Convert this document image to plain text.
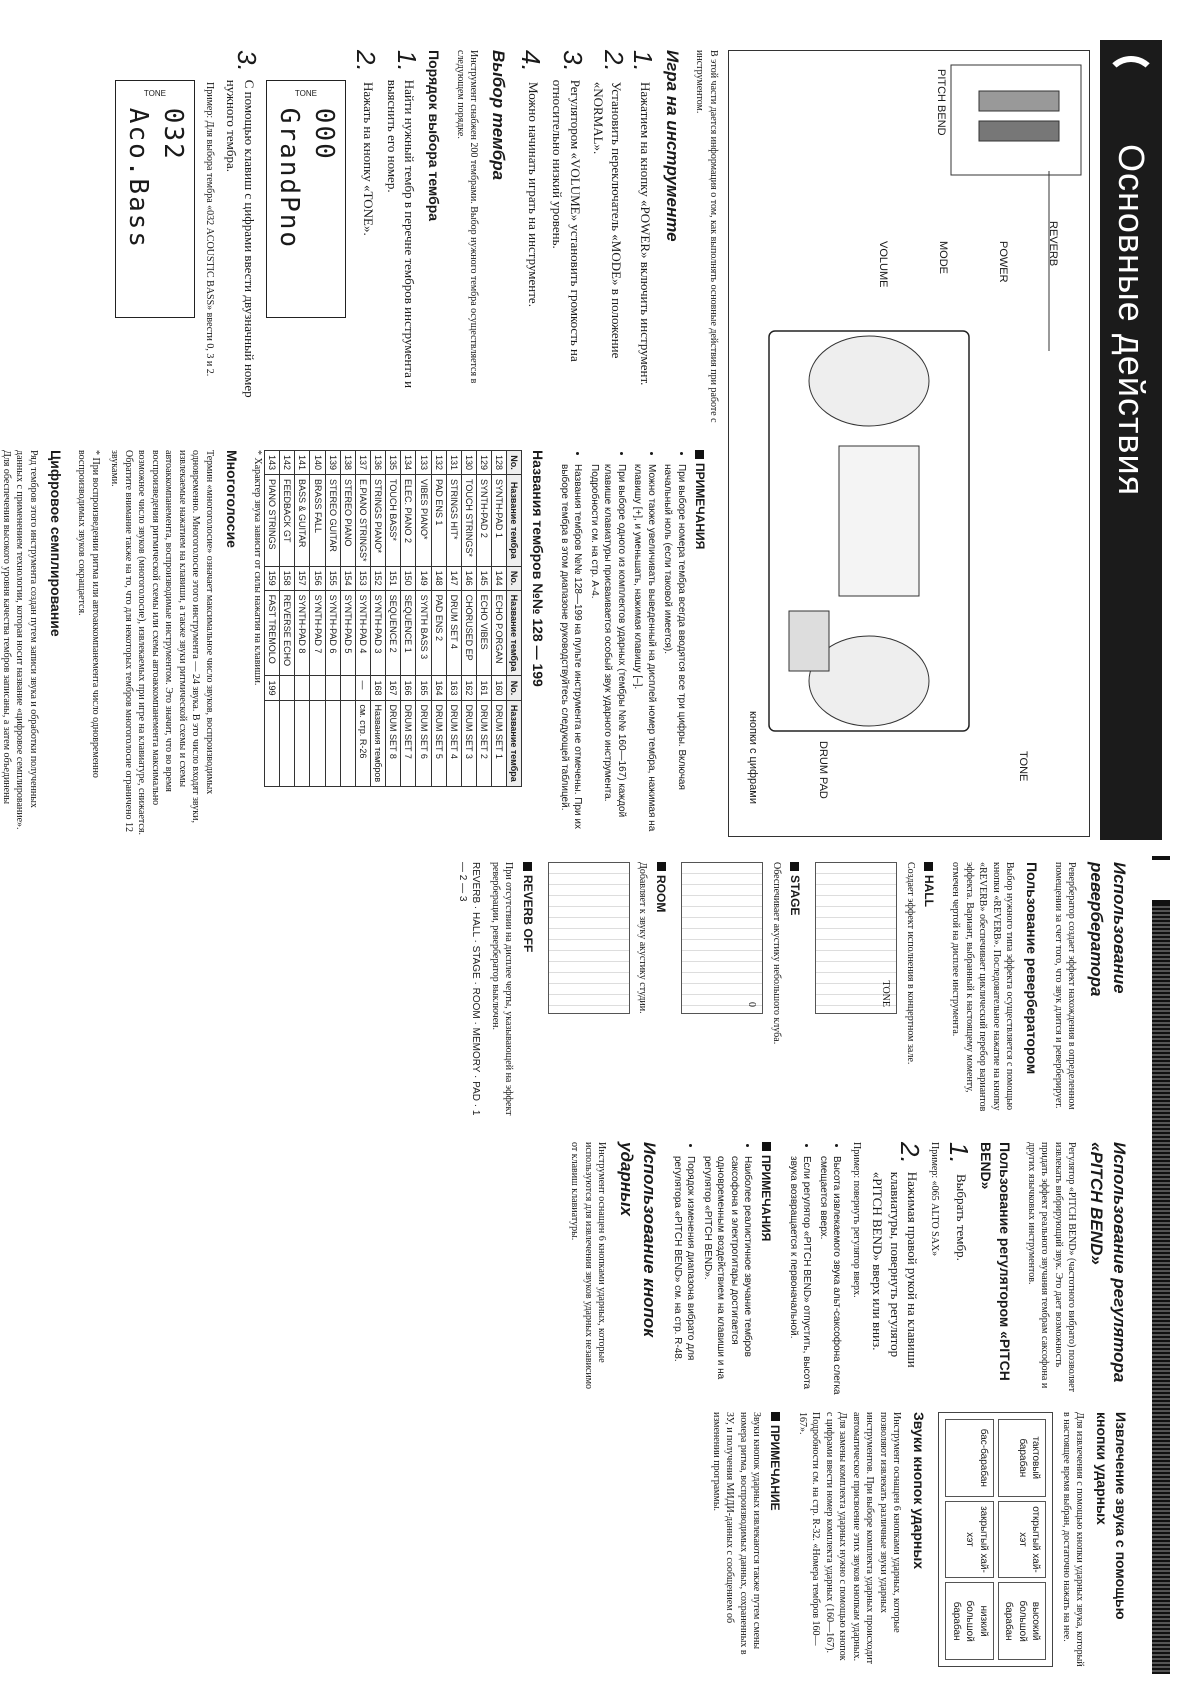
Основные действия
PITCH BEND
REVERB
POWER
MODE
VOLUME
TONE
DRUM PAD
кнопки с цифрами

В этой части дается информация о том, как выполнять основные действия при работе с инструментом.

Игра на инструменте
1.
Нажатием на кнопку «POWER» включить инструмент.
2.
Установить переключатель «MODE» в положение «NORMAL».
3.
Регулятором «VOLUME» установить громкость на относительно низкий уровень.
4.
Можно начинать играть на инструменте.
Выбор тембра

Инструмент снабжен 200 тембрами. Выбор нужного тембра осуществляется в следующем порядке.

Порядок выбора тембра
1.
Найти нужный тембр в перечне тембров инструмента и выяснить его номер.
2.
Нажать на кнопку «TONE».
TONE
000 GrandPno
3.
С помощью клавиш с цифрами ввести двузначный номер нужного тембра.

Пример: Для выбора тембра «032 ACOUSTIC BASS» ввести 0, 3 и 2.

TONE
032 Aco.Bass
ПРИМЕЧАНИЯ
• При выборе номера тембра всегда вводятся все три цифры. Включая начальный ноль (если таковой имеется).
• Можно также увеличивать выведенный на дисплей номер тембра, нажимая на клавишу [+], и уменьшать, нажимая клавишу [–].
• При выборе одного из комплектов ударных (тембры №№ 160—167) каждой клавише клавиатуры присваивается особый звук ударного инструмента. Подробности см. на стр. A-4.
• Названия тембров №№ 128—199 на пульте инструмента не отмечены. При их выборе тембра в этом диапазоне руководствуйтесь следующей таблицей.
Названия тембров №№ 128 — 199
No.	Название тембра	No.	Название тембра	No.	Название тембра
128	SYNTH-PAD 1	144	ECHO P.ORGAN	160	DRUM SET 1
129	SYNTH-PAD 2	145	ECHO VIBES	161	DRUM SET 2
130	TOUCH STRINGS*	146	CHORUSED EP	162	DRUM SET 3
131	STRINGS HIT*	147	DRUM SET 4	163	DRUM SET 4
132	PAD ENS 1	148	PAD ENS 2	164	DRUM SET 5
133	VIBES PIANO*	149	SYNTH BASS 3	165	DRUM SET 6
134	ELEC. PIANO 2	150	SEQUENCE 1	166	DRUM SET 7
135	TOUCH BASS*	151	SEQUENCE 2	167	DRUM SET 8
136	STRINGS PIANO*	152	SYNTH-PAD 3	168	Названия тембров
137	E.PIANO STRINGS*	153	SYNTH-PAD 4	—	см. стр. R-26
138	STEREO PIANO	154	SYNTH-PAD 5		
139	STEREO GUITAR	155	SYNTH-PAD 6		
140	BRASS FALL	156	SYNTH-PAD 7		
141	BASS & GUITAR	157	SYNTH-PAD 8		
142	FEEDBACK GT	158	REVERSE ECHO		
143	PIANO STRINGS	159	FAST TREMOLO	199	

* Характер звука зависит от силы нажатия на клавиши.

Многоголосие

Термин «многоголосие» означает максимальное число звуков, воспроизводимых одновременно. Многоголосие этого инструмента — 24 звука. В это число входят звуки, извлекаемые нажатием на клавиши, а также звуки ритмической схемы и схемы автоаккомпанемента, воспроизводимые инструментом. Это значит, что во время воспроизведения ритмической схемы или схемы автоаккомпанемента максимально возможное число звуков (многоголосие), извлекаемых при игре на клавиатуре, снижается. Обратите внимание также на то, что для некоторых тембров многоголосие ограничено 12 звуками.

* При воспроизведении ритма или автоаккомпанемента число одновременно воспроизводимых звуков сокращается.

Цифровое семплирование

Ряд тембров этого инструмента создан путем записи звука и обработки полученных данных с применением технологии, которая носит название «цифровое семплирование». Для обеспечения высокого уровня качества тембров записаны, а затем объединены

Использование ревербератора

Ревербератор создает эффект нахождения в определенном помещении за счет того, что звук длится и реверберирует.

Пользование ревербератором

Выбор нужного типа эффекта осуществляется с помощью кнопки «REVERB». Последовательное нажатие на кнопку «REVERB» обеспечивает циклический перебор вариантов эффекта. Вариант, выбранный к настоящему моменту, отмечен чертой на дисплее инструмента.

HALL

Создает эффект исполнения в концертном зале.

TONE
STAGE

Обеспечивает акустику небольшого клуба.

0
ROOM

Добавляет к звуку акустику студии.

REVERB OFF

При отсутствии на дисплее черты, указывающей на эффект реверберации, ревербератор выключен.

REVERB · HALL · STAGE · ROOM · MEMORY · PAD · 1 — 2 — 3
Использование регулятора «PITCH BEND»

Регулятор «PITCH BEND» (частотного вибрато) позволяет извлекать вибрирующий звук. Это дает возможность придать эффект реального звучания тембрам саксофона и других язычковых инструментов.

Пользование регулятором «PITCH BEND»
1.
Выбрать тембр.

Пример: «065 ALTO SAX»

2.
Нажимая правой рукой на клавиши клавиатуры, повернуть регулятор «PITCH BEND» вверх или вниз.

Пример: повернуть регулятор вверх.

• Высота извлекаемого звука альт-саксофона слегка смещается вверх.
• Если регулятор «PITCH BEND» отпустить, высота звука возвращается к первоначальной.
ПРИМЕЧАНИЯ
• Наиболее реалистичное звучание тембров саксофона и электрогитары достигается одновременным воздействием на клавиши и на регулятор «PITCH BEND».
• Порядок изменения диапазона вибрато для регулятора «PITCH BEND» см. на стр. R-48.
Использование кнопок ударных

Инструмент оснащен 6 кнопками ударных, которые используются для извлечения звуков ударных независимо от клавиш клавиатуры.

Извлечение звука с помощью кнопки ударных

Для извлечения с помощью кнопки ударных звука, который в настоящее время выбран, достаточно нажать на нее.

тактовый барабан
открытый хай-хэт
высокий большой барабан
бас-барабан
закрытый хай-хэт
низкий большой барабан
Звуки кнопок ударных

Инструмент оснащен 6 кнопками ударных, которые позволяют извлекать различные звуки ударных инструментов. При выборе комплекта ударных происходит автоматическое присвоение этих звуков кнопкам ударных. Для замены комплекта ударных нужно с помощью кнопок с цифрами ввести номер комплекта ударных (160—167). Подробности см. на стр. R-32. «Номера тембров 160—167».

ПРИМЕЧАНИЕ

Звуки кнопок ударных извлекаются также путем смены номера ритма, воспроизводимых данных, сохраненных в ЗУ, и получения МИДИ-данных с сообщением об изменении программы.
